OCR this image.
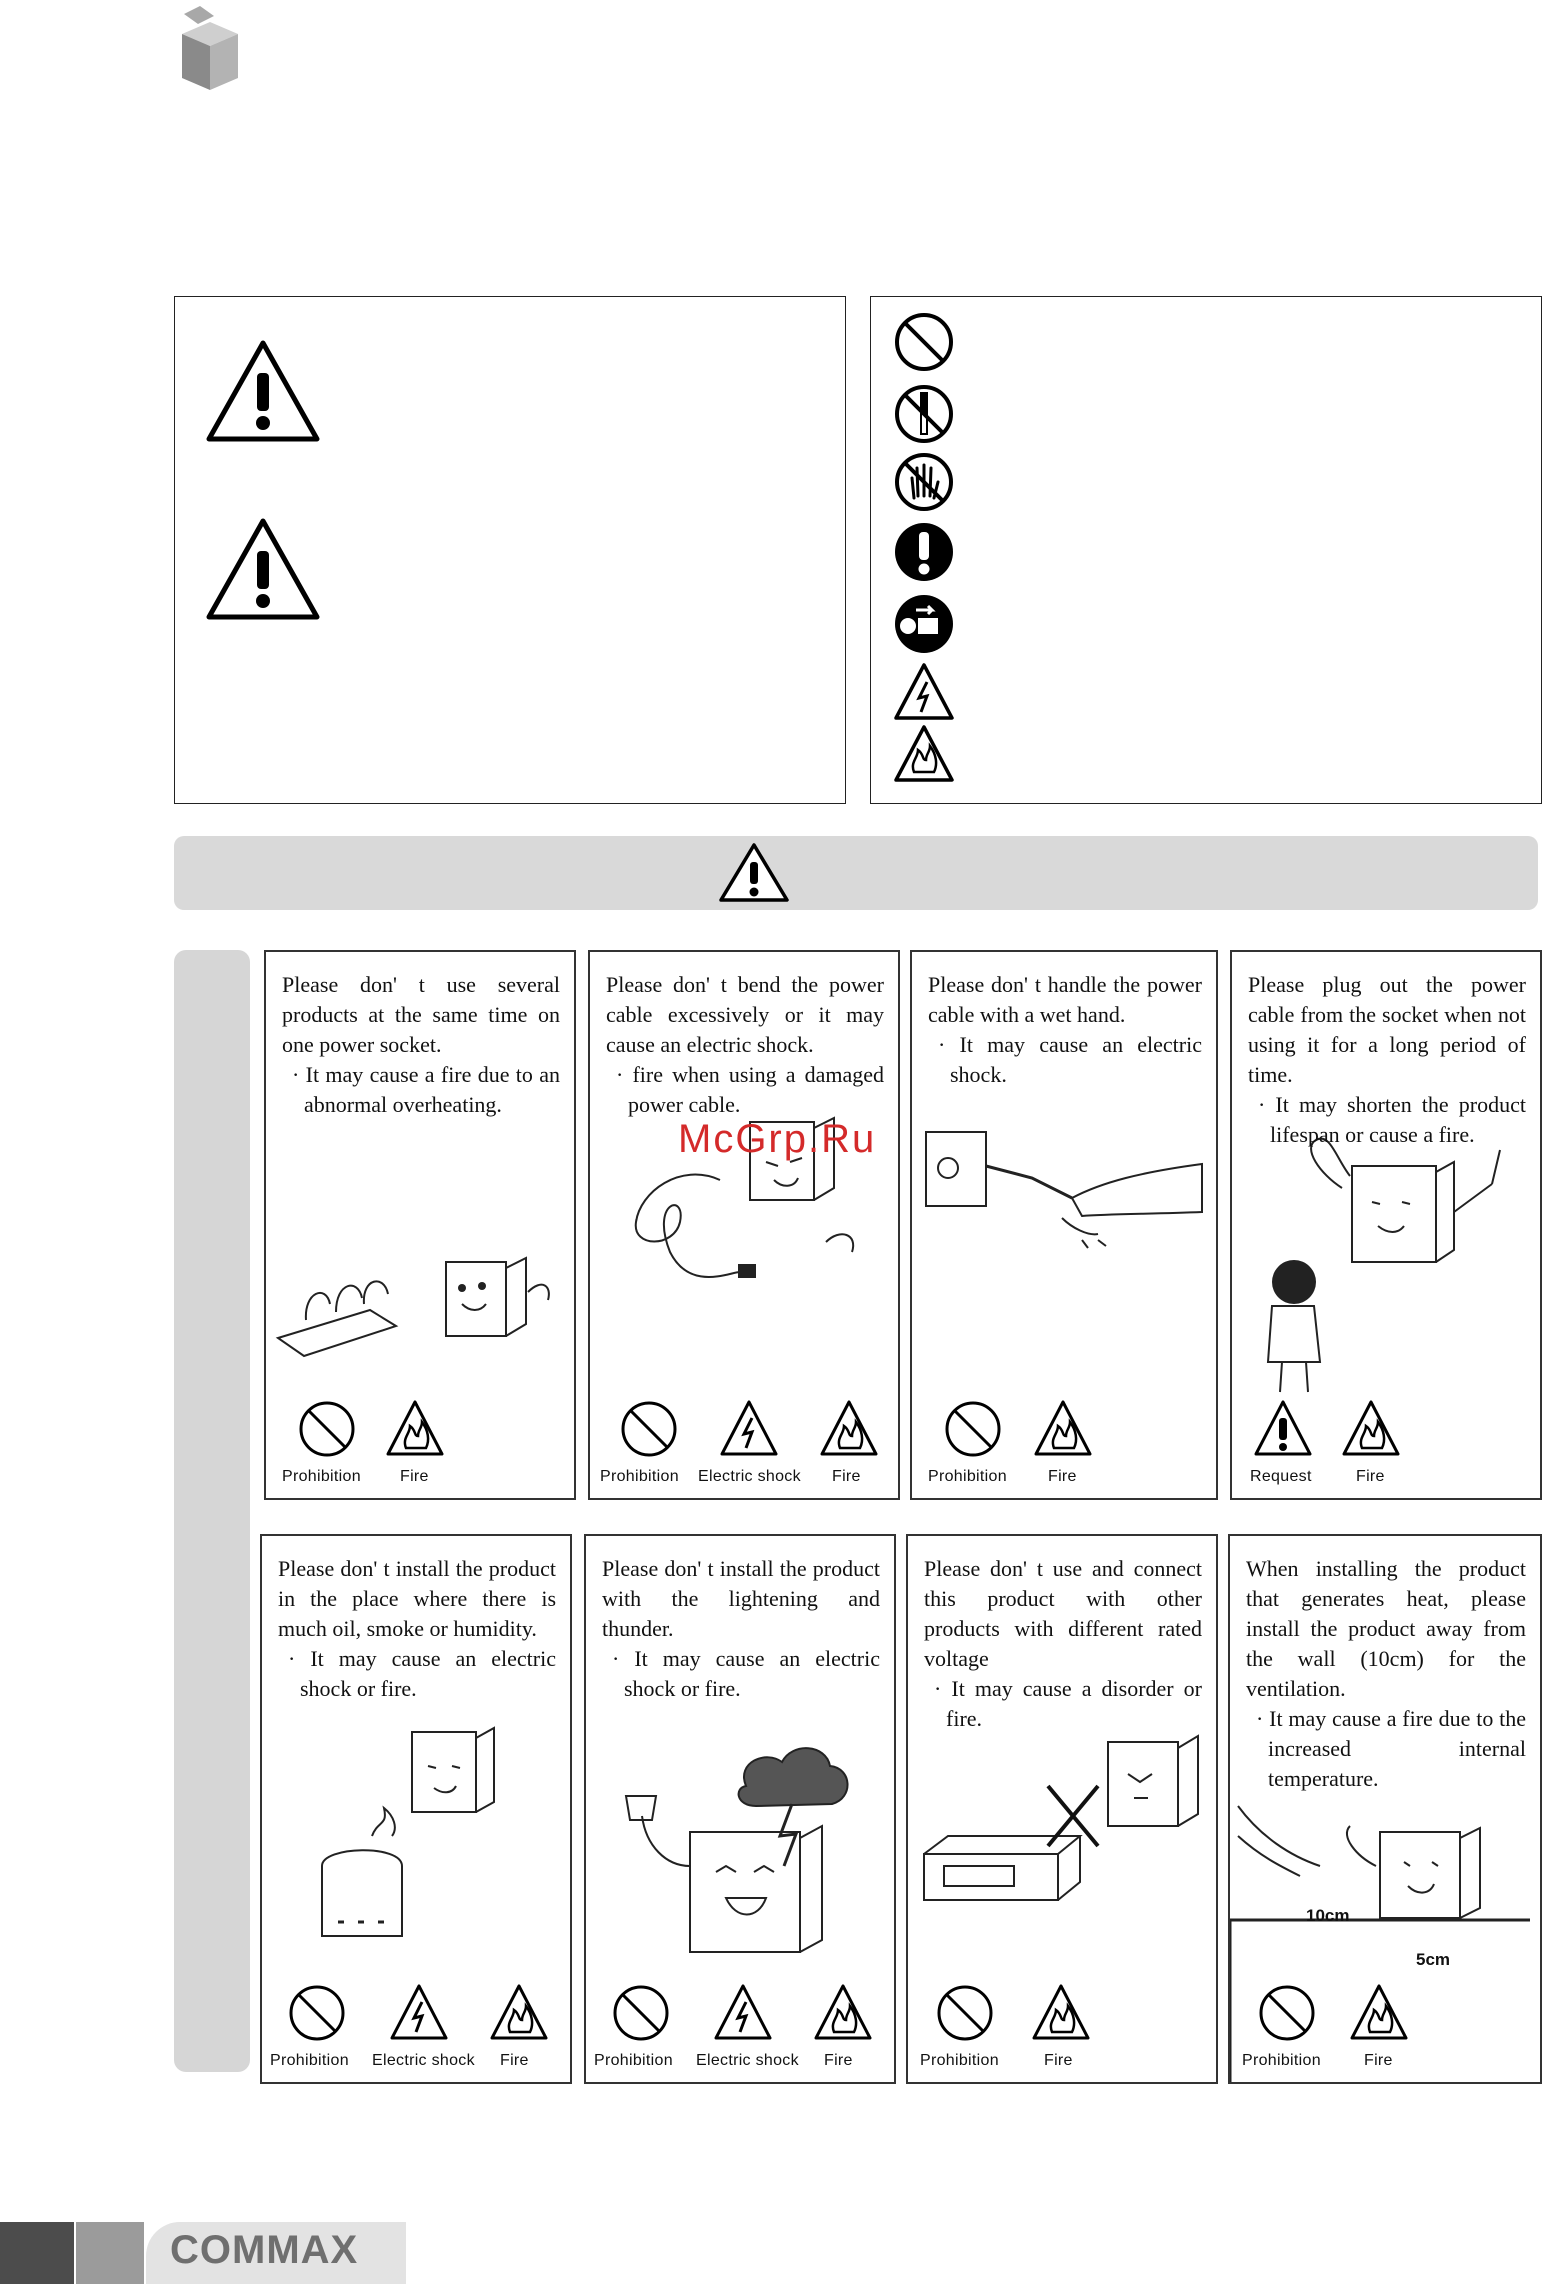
Please don' t use several products at the same time on one power socket.
· It may cause a fire due to an abnormal overheating.
Prohibition Fire
Please don' t bend the power cable excessively or it may cause an electric shock.
· fire when using a damaged power cable.
Prohibition Electric shock Fire
Please don' t handle the power cable with a wet hand.
· It may cause an electric shock.
Prohibition	Fire
Please plug out the power cable from the socket when not using it for a long period of time.
· It may shorten the product lifespan or cause a fire.
Request	Fire
Please don' t install the product in the place where there is much oil, smoke or humidity.
· It may cause an electric shock or fire.
Prohibition Electric shock Fire
Please don' t install the product with the lightening and thunder.
· It may cause an electric shock or fire.
Prohibition Electric shock Fire
Please don' t use and connect this product with other products with different rated voltage
· It may cause a disorder or fire.
Prohibition	Fire
When installing the product that generates heat, please install the product away from the wall (10cm) for the ventilation.
· It may cause a fire due to the increased internal temperature.
10cm
5cm
Prohibition	Fire
McGrp.Ru
COMMAX
